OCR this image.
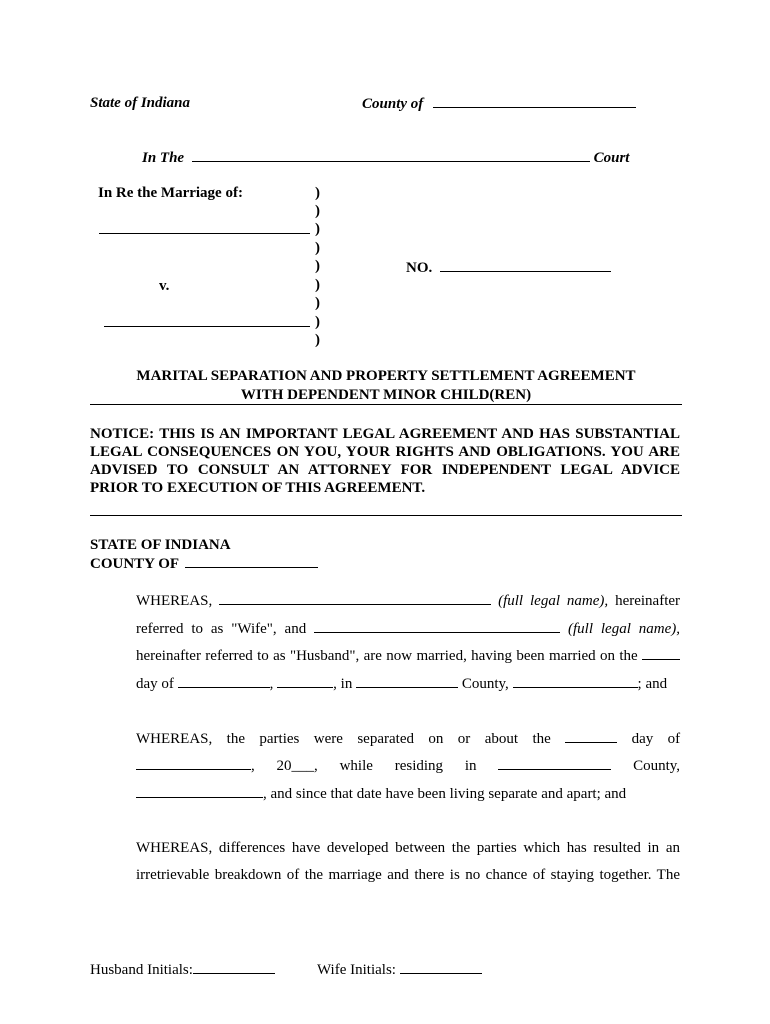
State of Indiana	County of
In The	Court
In Re the Marriage of:
v.
)
)
)
)
)
)
)
)
)
NO.
MARITAL SEPARATION AND PROPERTY SETTLEMENT AGREEMENT
WITH DEPENDENT MINOR CHILD(REN)
NOTICE: THIS IS AN IMPORTANT LEGAL AGREEMENT AND HAS SUBSTANTIAL LEGAL CONSEQUENCES ON YOU, YOUR RIGHTS AND OBLIGATIONS. YOU ARE ADVISED TO CONSULT AN ATTORNEY FOR INDEPENDENT LEGAL ADVICE PRIOR TO EXECUTION OF THIS AGREEMENT.
STATE OF INDIANA
COUNTY OF
WHEREAS,	(full legal name), hereinafter
referred to as "Wife", and	(full legal name),
hereinafter referred to as "Husband", are now married, having been married on the
day of	,	, in	County,	; and
WHEREAS, the parties were separated on or about the	day of
, 20___, while residing in	County,
, and since that date have been living separate and apart; and
WHEREAS, differences have developed between the parties which has resulted in an
irretrievable breakdown of the marriage and there is no chance of staying together. The
Husband Initials:	Wife Initials:
